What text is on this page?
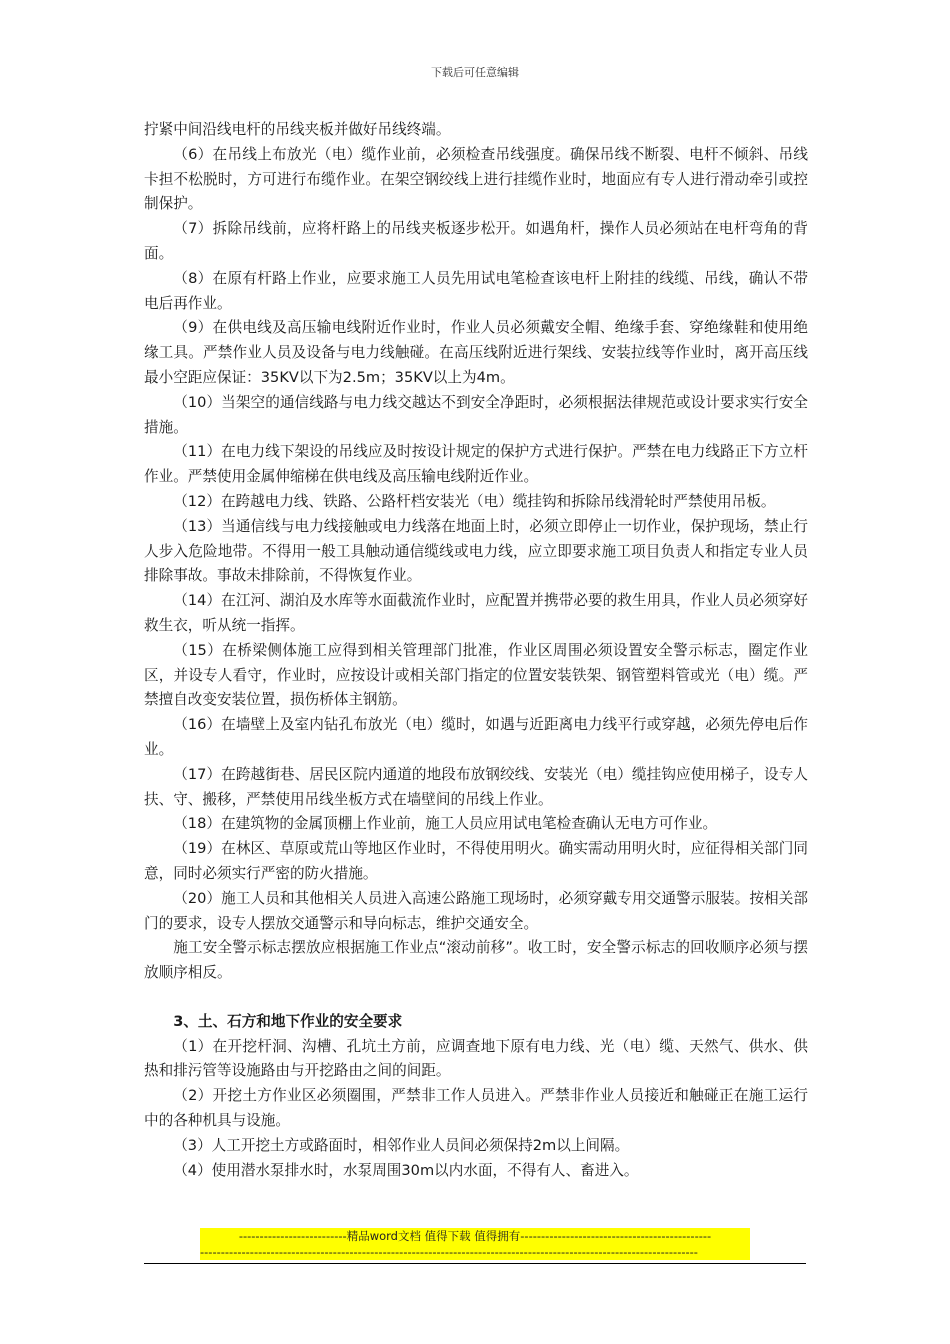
下载后可任意编辑

拧紧中间沿线电杆的吊线夹板并做好吊线终端。

（6）在吊线上布放光（电）缆作业前，必须检查吊线强度。确保吊线不断裂、电杆不倾斜、吊线卡担不松脱时，方可进行布缆作业。在架空钢绞线上进行挂缆作业时，地面应有专人进行滑动牵引或控制保护。

（7）拆除吊线前，应将杆路上的吊线夹板逐步松开。如遇角杆，操作人员必须站在电杆弯角的背面。

（8）在原有杆路上作业，应要求施工人员先用试电笔检查该电杆上附挂的线缆、吊线，确认不带电后再作业。

（9）在供电线及高压输电线附近作业时，作业人员必须戴安全帽、绝缘手套、穿绝缘鞋和使用绝缘工具。严禁作业人员及设备与电力线触碰。在高压线附近进行架线、安装拉线等作业时，离开高压线最小空距应保证：35KV以下为2.5m；35KV以上为4m。

（10）当架空的通信线路与电力线交越达不到安全净距时，必须根据法律规范或设计要求实行安全措施。

（11）在电力线下架设的吊线应及时按设计规定的保护方式进行保护。严禁在电力线路正下方立杆作业。严禁使用金属伸缩梯在供电线及高压输电线附近作业。

（12）在跨越电力线、铁路、公路杆档安装光（电）缆挂钩和拆除吊线滑轮时严禁使用吊板。

（13）当通信线与电力线接触或电力线落在地面上时，必须立即停止一切作业，保护现场，禁止行人步入危险地带。不得用一般工具触动通信缆线或电力线，应立即要求施工项目负责人和指定专业人员排除事故。事故未排除前，不得恢复作业。

（14）在江河、湖泊及水库等水面截流作业时，应配置并携带必要的救生用具，作业人员必须穿好救生衣，听从统一指挥。

（15）在桥梁侧体施工应得到相关管理部门批准，作业区周围必须设置安全警示标志，圈定作业区，并设专人看守，作业时，应按设计或相关部门指定的位置安装铁架、钢管塑料管或光（电）缆。严禁擅自改变安装位置，损伤桥体主钢筋。

（16）在墙壁上及室内钻孔布放光（电）缆时，如遇与近距离电力线平行或穿越，必须先停电后作业。

（17）在跨越街巷、居民区院内通道的地段布放钢绞线、安装光（电）缆挂钩应使用梯子，设专人扶、守、搬移，严禁使用吊线坐板方式在墙壁间的吊线上作业。

（18）在建筑物的金属顶棚上作业前，施工人员应用试电笔检查确认无电方可作业。

（19）在林区、草原或荒山等地区作业时，不得使用明火。确实需动用明火时，应征得相关部门同意，同时必须实行严密的防火措施。

（20）施工人员和其他相关人员进入高速公路施工现场时，必须穿戴专用交通警示服装。按相关部门的要求，设专人摆放交通警示和导向标志，维护交通安全。

施工安全警示标志摆放应根据施工作业点“滚动前移”。收工时，安全警示标志的回收顺序必须与摆放顺序相反。

3、土、石方和地下作业的安全要求

（1）在开挖杆洞、沟槽、孔坑土方前，应调查地下原有电力线、光（电）缆、天然气、供水、供热和排污管等设施路由与开挖路由之间的间距。

（2）开挖土方作业区必须圈围，严禁非工作人员进入。严禁非作业人员接近和触碰正在施工运行中的各种机具与设施。

（3）人工开挖土方或路面时，相邻作业人员间必须保持2m以上间隔。

（4）使用潜水泵排水时，水泵周围30m以内水面，不得有人、畜进入。

--------------------------精品word文档 值得下载 值得拥有----------------------------------------------
------------------------------------------------------------------------------------------------------------------------
